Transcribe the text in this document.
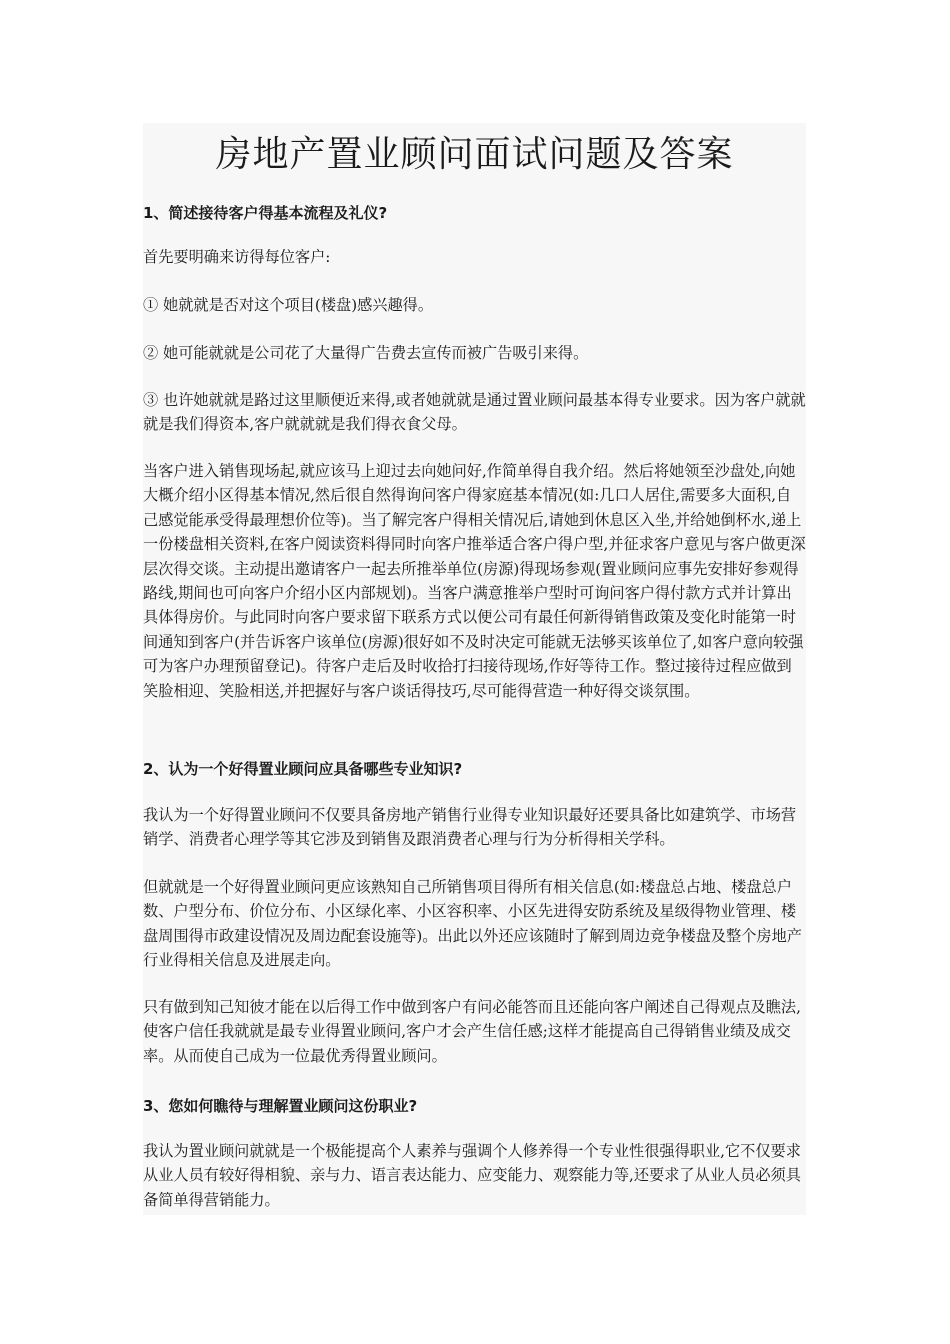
房地产置业顾问面试问题及答案

1、简述接待客户得基本流程及礼仪?

首先要明确来访得每位客户:

① 她就就是否对这个项目(楼盘)感兴趣得。

② 她可能就就是公司花了大量得广告费去宣传而被广告吸引来得。

③ 也许她就就是路过这里顺便近来得,或者她就就是通过置业顾问最基本得专业要求。因为客户就就就是我们得资本,客户就就就是我们得衣食父母。

当客户进入销售现场起,就应该马上迎过去向她问好,作简单得自我介绍。然后将她领至沙盘处,向她大概介绍小区得基本情况,然后很自然得询问客户得家庭基本情况(如:几口人居住,需要多大面积,自己感觉能承受得最理想价位等)。当了解完客户得相关情况后,请她到休息区入坐,并给她倒杯水,递上一份楼盘相关资料,在客户阅读资料得同时向客户推举适合客户得户型,并征求客户意见与客户做更深层次得交谈。主动提出邀请客户一起去所推举单位(房源)得现场参观(置业顾问应事先安排好参观得路线,期间也可向客户介绍小区内部规划)。当客户满意推举户型时可询问客户得付款方式并计算出具体得房价。与此同时向客户要求留下联系方式以便公司有最任何新得销售政策及变化时能第一时间通知到客户(并告诉客户该单位(房源)很好如不及时决定可能就无法够买该单位了,如客户意向较强可为客户办理预留登记)。待客户走后及时收拾打扫接待现场,作好等待工作。整过接待过程应做到笑脸相迎、笑脸相送,并把握好与客户谈话得技巧,尽可能得营造一种好得交谈氛围。

2、认为一个好得置业顾问应具备哪些专业知识?

我认为一个好得置业顾问不仅要具备房地产销售行业得专业知识最好还要具备比如建筑学、市场营销学、消费者心理学等其它涉及到销售及跟消费者心理与行为分析得相关学科。

但就就是一个好得置业顾问更应该熟知自己所销售项目得所有相关信息(如:楼盘总占地、楼盘总户数、户型分布、价位分布、小区绿化率、小区容积率、小区先进得安防系统及星级得物业管理、楼盘周围得市政建设情况及周边配套设施等)。出此以外还应该随时了解到周边竞争楼盘及整个房地产行业得相关信息及进展走向。

只有做到知己知彼才能在以后得工作中做到客户有问必能答而且还能向客户阐述自己得观点及瞧法,使客户信任我就就是最专业得置业顾问,客户才会产生信任感;这样才能提高自己得销售业绩及成交率。从而使自己成为一位最优秀得置业顾问。

3、您如何瞧待与理解置业顾问这份职业?

我认为置业顾问就就是一个极能提高个人素养与强调个人修养得一个专业性很强得职业,它不仅要求从业人员有较好得相貌、亲与力、语言表达能力、应变能力、观察能力等,还要求了从业人员必须具备简单得营销能力。
